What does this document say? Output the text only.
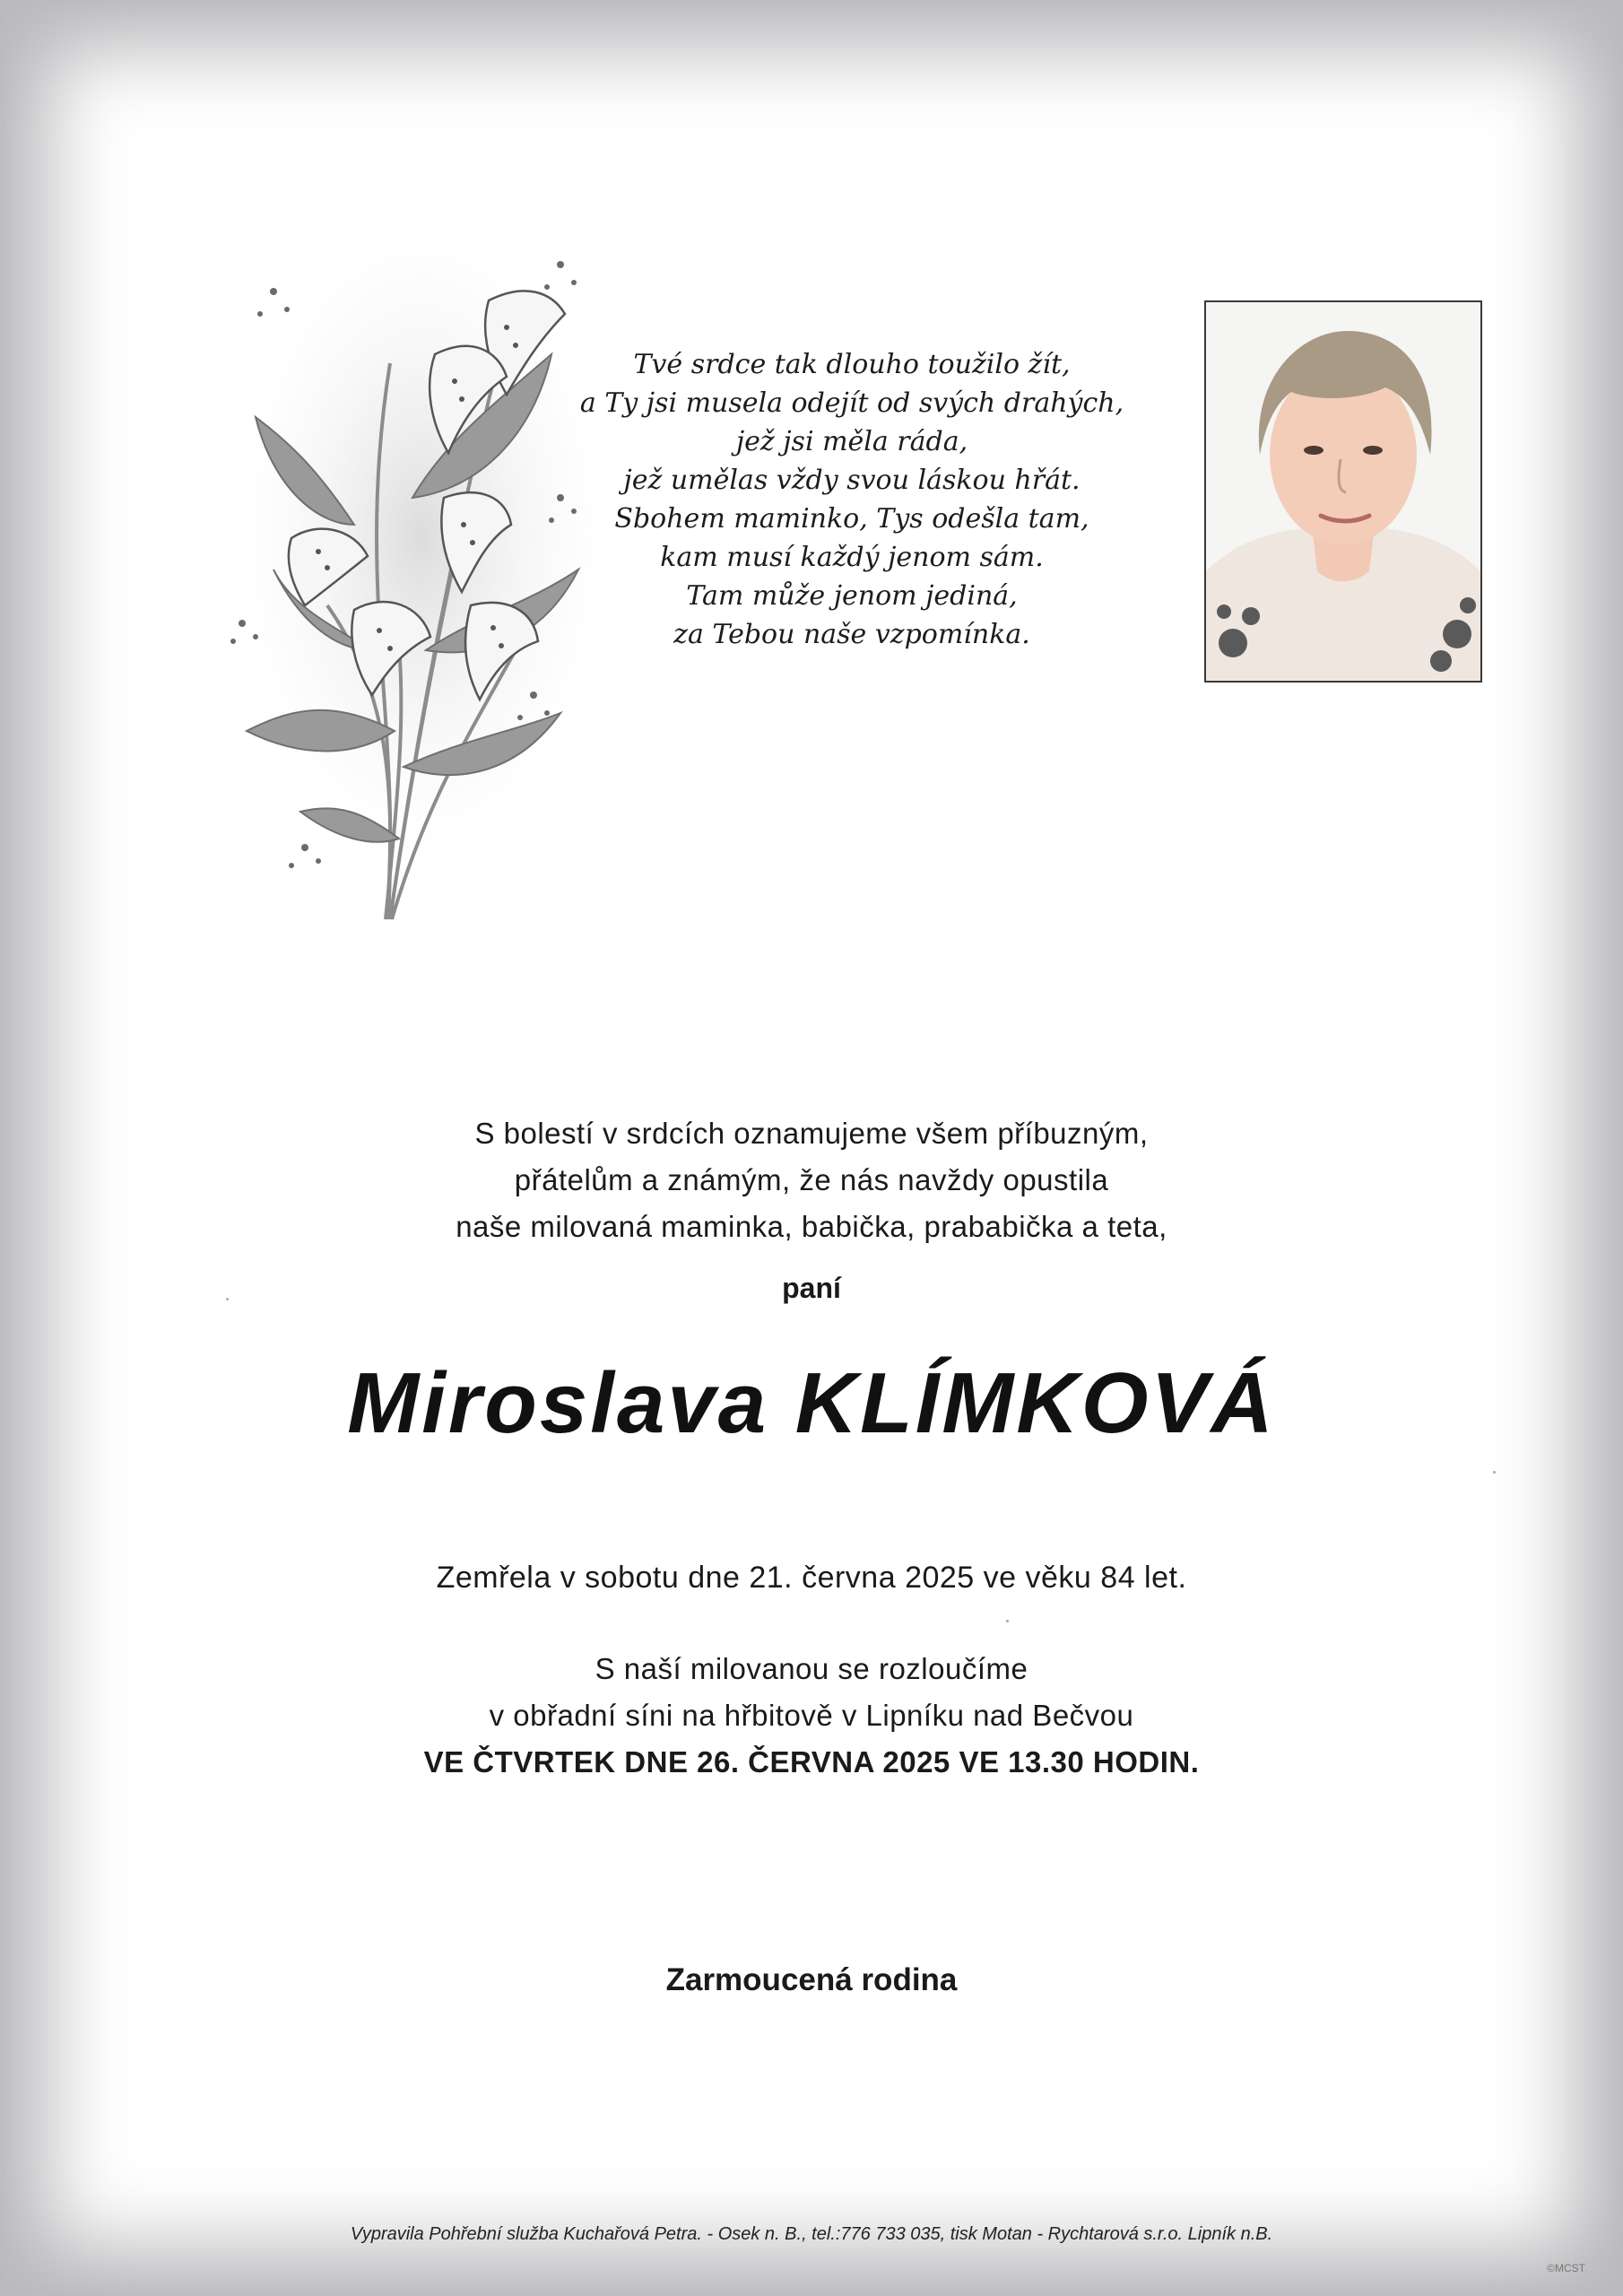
Tvé srdce tak dlouho toužilo žít,
a Ty jsi musela odejít od svých drahých,
jež jsi měla ráda,
jež umělas vždy svou láskou hřát.
Sbohem maminko, Tys odešla tam,
kam musí každý jenom sám.
Tam může jenom jediná,
za Tebou naše vzpomínka.
S bolestí v srdcích oznamujeme všem příbuzným,
přátelům a známým, že nás navždy opustila
naše milovaná maminka, babička, prababička a teta,
paní
Miroslava KLÍMKOVÁ
Zemřela v sobotu dne 21. června 2025 ve věku 84 let.
S naší milovanou se rozloučíme
v obřadní síni na hřbitově v Lipníku nad Bečvou
VE ČTVRTEK DNE 26. ČERVNA 2025 VE 13.30 HODIN.
Zarmoucená rodina
Vypravila Pohřební služba Kuchařová Petra. - Osek n. B., tel.:776 733 035, tisk Motan - Rychtarová s.r.o. Lipník n.B.
©MCST
